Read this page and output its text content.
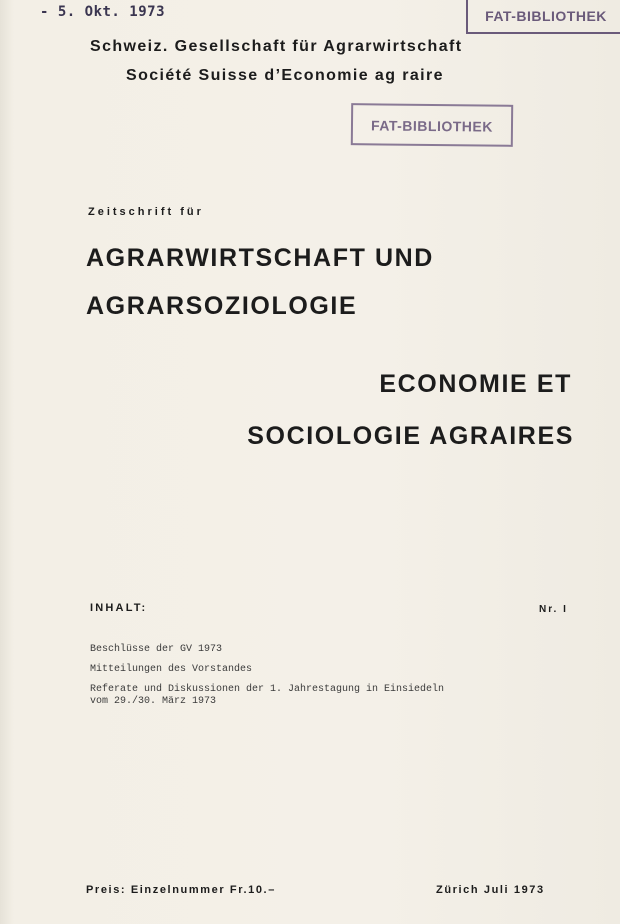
- 5. Okt. 1973	FAT-BIBLIOTHEK
Schweiz. Gesellschaft für Agrarwirtschaft
Société Suisse d’Economie ag raire
FAT-BIBLIOTHEK
Zeitschrift für
AGRARWIRTSCHAFT UND
AGRARSOZIOLOGIE
ECONOMIE ET
SOCIOLOGIE AGRAIRES
INHALT:	Nr. I
Beschlüsse der GV 1973
Mitteilungen des Vorstandes
Referate und Diskussionen der 1. Jahrestagung in Einsiedeln
vom 29./30. März 1973
Preis: Einzelnummer Fr.10.–	Zürich Juli 1973
